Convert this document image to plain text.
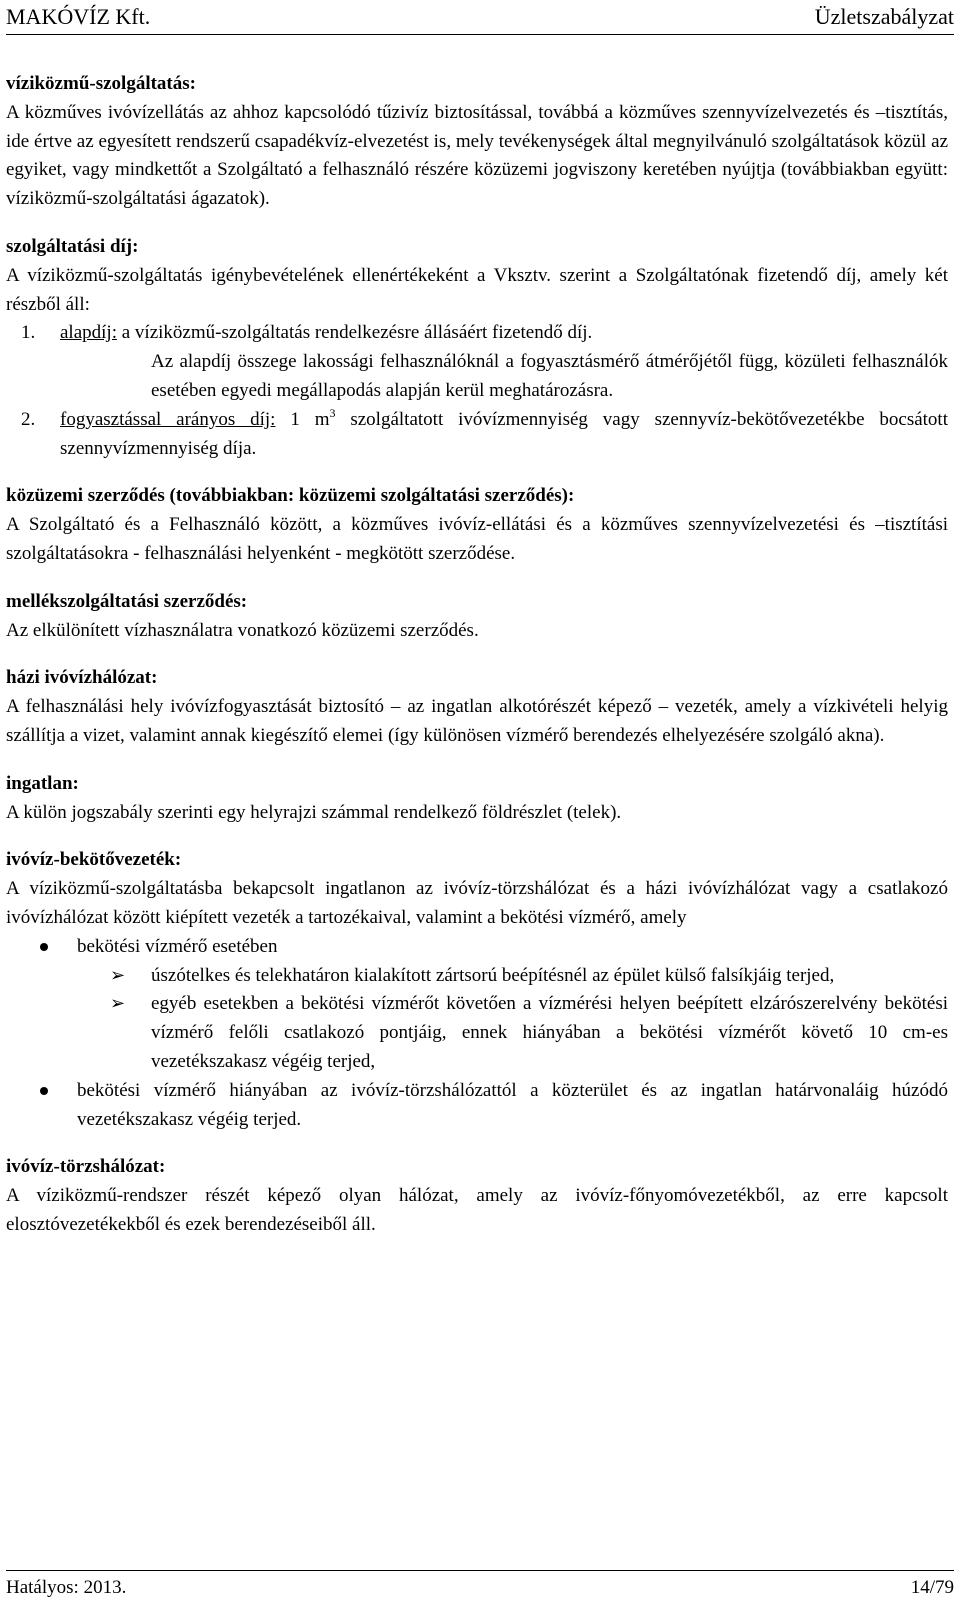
MAKÓVÍZ Kft.	Üzletszabályzat

víziközmű-szolgáltatás:

A közműves ivóvízellátás az ahhoz kapcsolódó tűzivíz biztosítással, továbbá a közműves szennyvízelvezetés és –tisztítás, ide értve az egyesített rendszerű csapadékvíz-elvezetést is, mely tevékenységek által megnyilvánuló szolgáltatások közül az egyiket, vagy mindkettőt a Szolgáltató a felhasználó részére közüzemi jogviszony keretében nyújtja (továbbiakban együtt: víziközmű-szolgáltatási ágazatok).

szolgáltatási díj:

A víziközmű-szolgáltatás igénybevételének ellenértékeként a Vksztv. szerint a Szolgáltatónak fizetendő díj, amely két részből áll:

1. alapdíj: a víziközmű-szolgáltatás rendelkezésre állásáért fizetendő díj.

Az alapdíj összege lakossági felhasználóknál a fogyasztásmérő átmérőjétől függ, közületi felhasználók esetében egyedi megállapodás alapján kerül meghatározásra.

2. fogyasztással arányos díj: 1 $m^3$ szolgáltatott ivóvízmennyiség vagy szennyvíz-bekötővezetékbe bocsátott szennyvízmennyiség díja.

közüzemi szerződés (továbbiakban: közüzemi szolgáltatási szerződés):

A Szolgáltató és a Felhasználó között, a közműves ivóvíz-ellátási és a közműves szennyvízelvezetési és –tisztítási szolgáltatásokra - felhasználási helyenként - megkötött szerződése.

mellékszolgáltatási szerződés:

Az elkülönített vízhasználatra vonatkozó közüzemi szerződés.

házi ivóvízhálózat:

A felhasználási hely ivóvízfogyasztását biztosító – az ingatlan alkotórészét képező – vezeték, amely a vízkivételi helyig szállítja a vizet, valamint annak kiegészítő elemei (így különösen vízmérő berendezés elhelyezésére szolgáló akna).

ingatlan:

A külön jogszabály szerinti egy helyrajzi számmal rendelkező földrészlet (telek).

ivóvíz-bekötővezeték:

A víziközmű-szolgáltatásba bekapcsolt ingatlanon az ivóvíz-törzshálózat és a házi ivóvízhálózat vagy a csatlakozó ivóvízhálózat között kiépített vezeték a tartozékaival, valamint a bekötési vízmérő, amely

bekötési vízmérő esetében

➢ úszótelkes és telekhatáron kialakított zártsorú beépítésnél az épület külső falsíkjáig terjed,

➢ egyéb esetekben a bekötési vízmérőt követően a vízmérési helyen beépített elzárószerelvény bekötési vízmérő felőli csatlakozó pontjáig, ennek hiányában a bekötési vízmérőt követő 10 cm-es vezetékszakasz végéig terjed,

bekötési vízmérő hiányában az ivóvíz-törzshálózattól a közterület és az ingatlan határvonaláig húzódó vezetékszakasz végéig terjed.

ivóvíz-törzshálózat:

A víziközmű-rendszer részét képező olyan hálózat, amely az ivóvíz-főnyomóvezetékből, az erre kapcsolt elosztóvezetékekből és ezek berendezéseiből áll.

Hatályos: 2013.	14/79
